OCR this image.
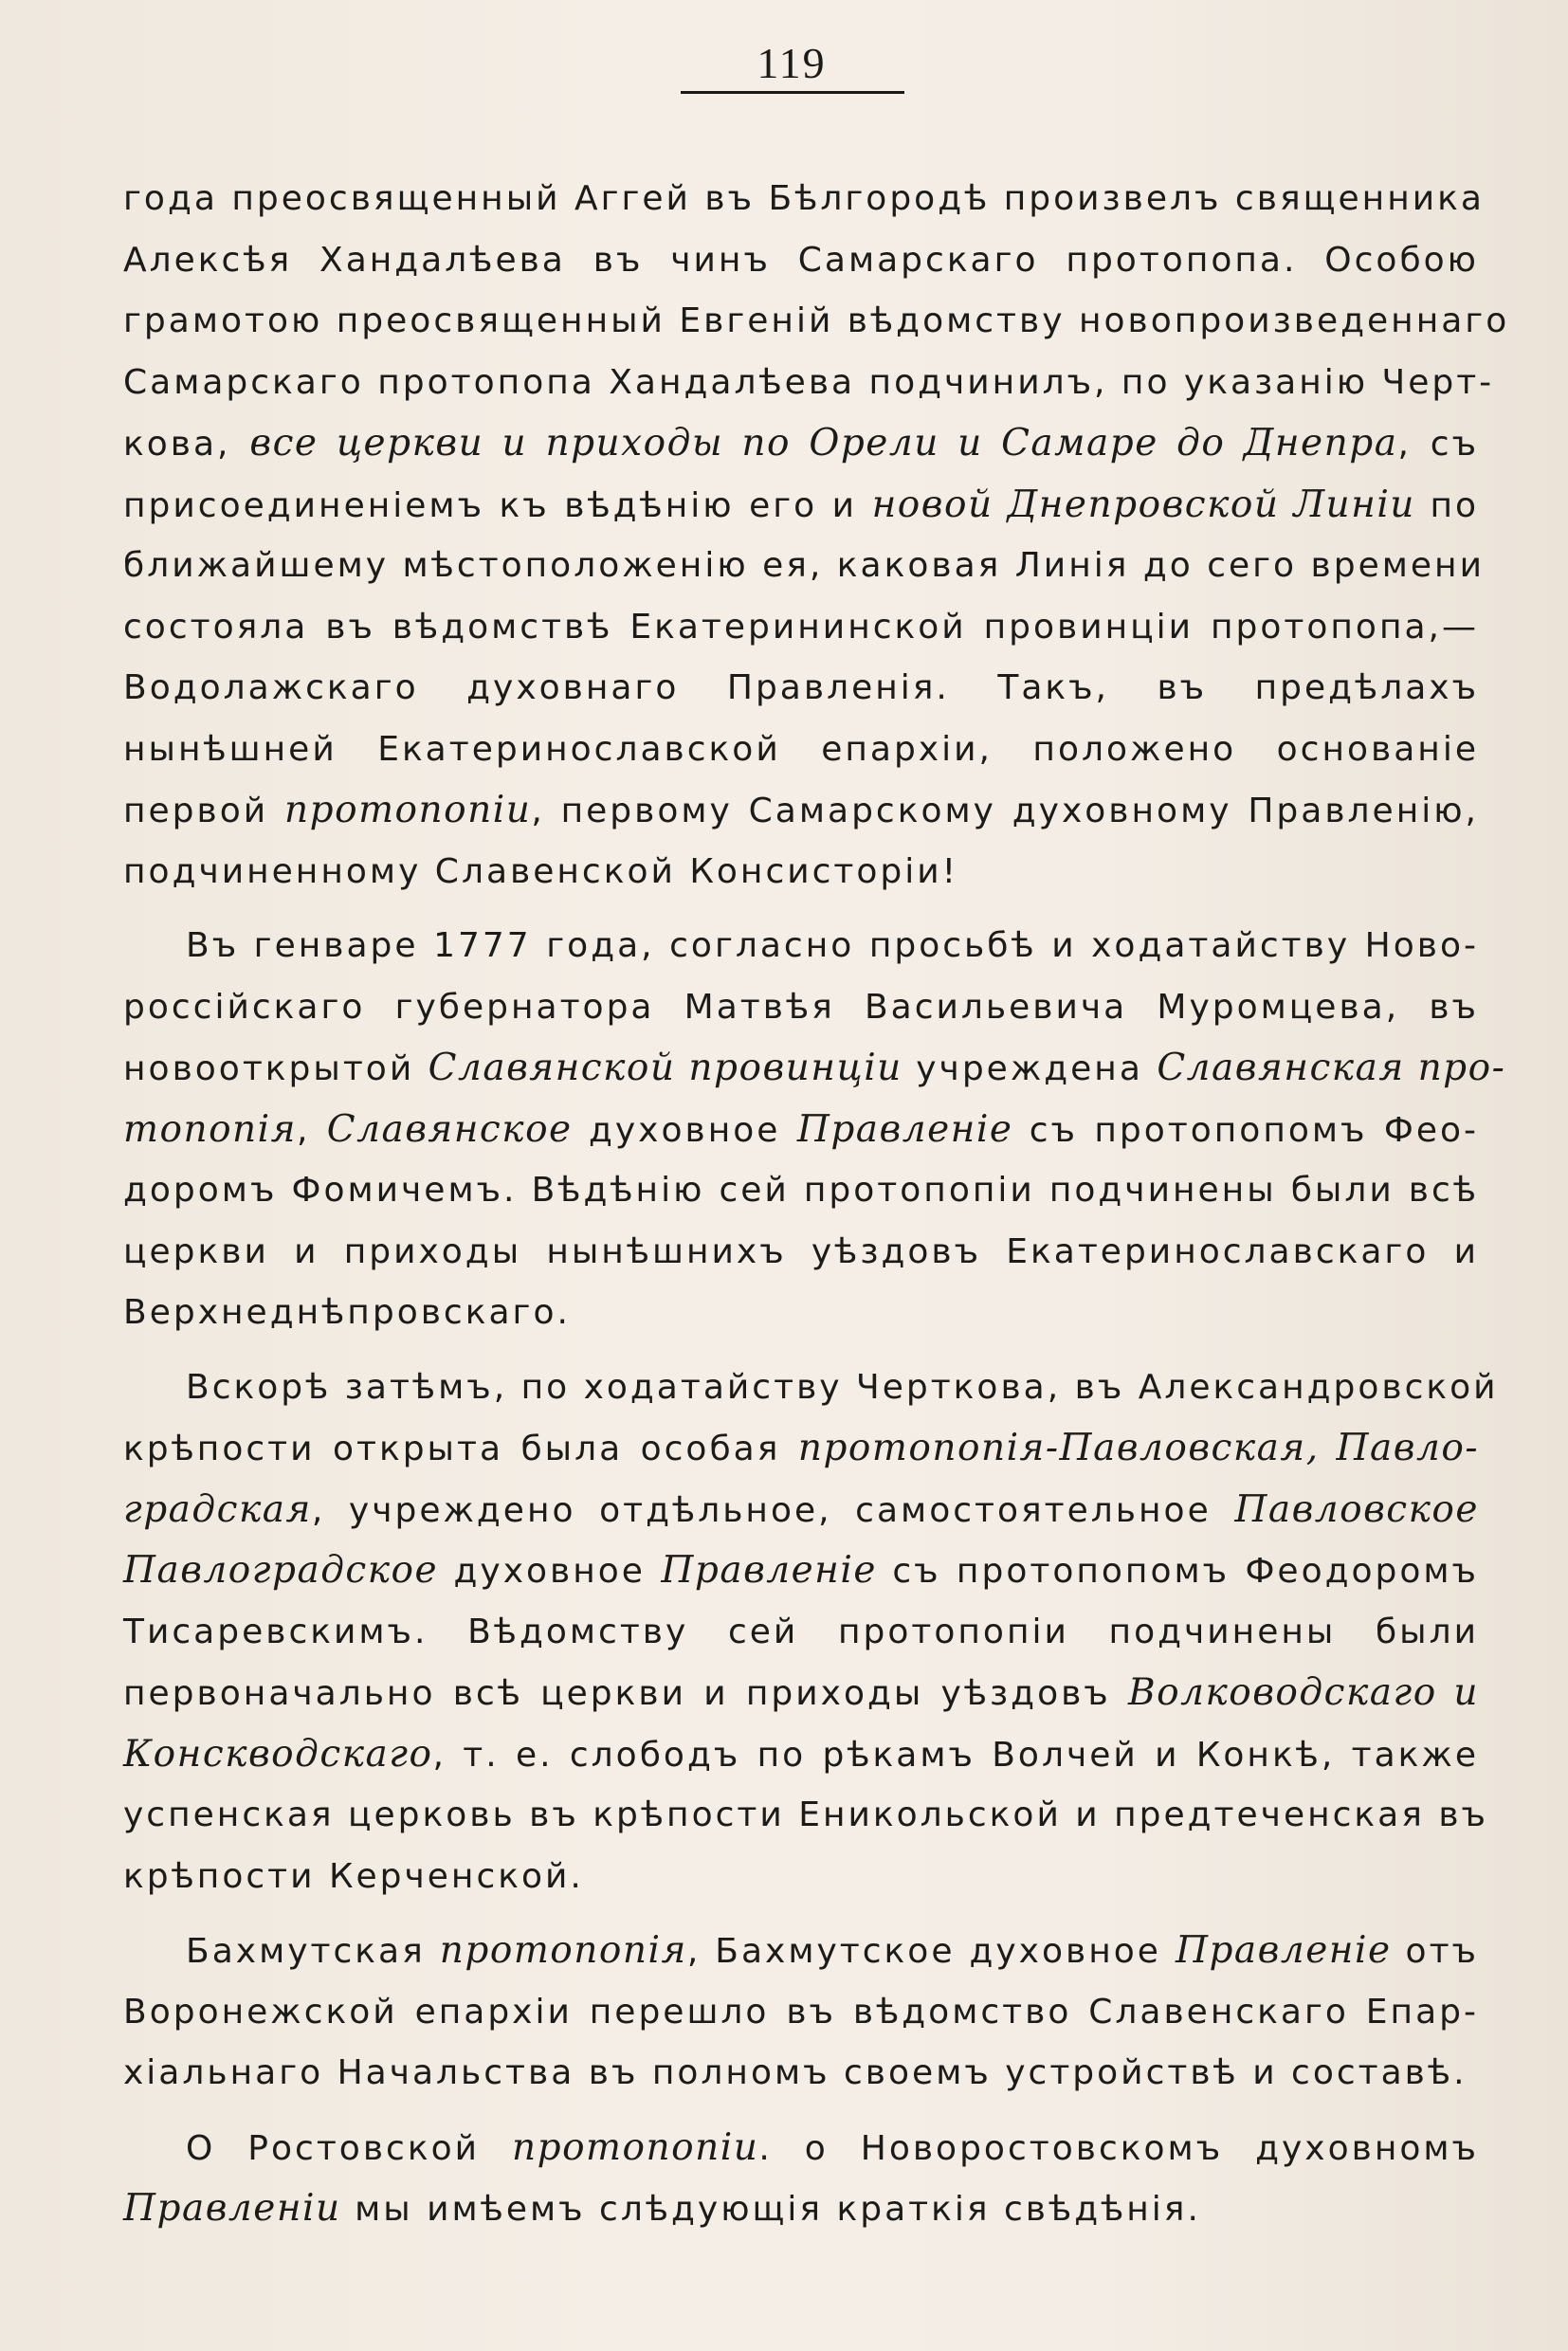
119
года преосвященный Аггей въ Бѣлгородѣ произвелъ священника
Алексѣя Хандалѣева въ чинъ Самарскаго протопопа. Особою
грамотою преосвященный Евгеній вѣдомству новопроизведеннаго
Самарскаго протопопа Хандалѣева подчинилъ, по указанію Черт-
кова, все церкви и приходы по Орели и Самаре до Днепра, съ
присоединеніемъ къ вѣдѣнію его и новой Днепровской Линіи по
ближайшему мѣстоположенію ея, каковая Линія до сего времени
состояла въ вѣдомствѣ Екатерининской провинціи протопопа,—
Водолажскаго духовнаго Правленія. Такъ, въ предѣлахъ
нынѣшней Екатеринославской епархіи, положено основаніе
первой протопопіи, первому Самарскому духовному Правленію,
подчиненному Славенской Консисторіи!
Въ генваре 1777 года, согласно просьбѣ и ходатайству Ново-
россійскаго губернатора Матвѣя Васильевича Муромцева, въ
новооткрытой Славянской провинціи учреждена Славянская про-
топопія, Славянское духовное Правленіе съ протопопомъ Фео-
доромъ Фомичемъ. Вѣдѣнію сей протопопіи подчинены были всѣ
церкви и приходы нынѣшнихъ уѣздовъ Екатеринославскаго и
Верхнеднѣпровскаго.
Вскорѣ затѣмъ, по ходатайству Черткова, въ Александровской
крѣпости открыта была особая протопопія-Павловская, Павло-
градская, учреждено отдѣльное, самостоятельное Павловское
Павлоградское духовное Правленіе съ протопопомъ Феодоромъ
Тисаревскимъ. Вѣдомству сей протопопіи подчинены были
первоначально всѣ церкви и приходы уѣздовъ Волководскаго и
Конскводскаго, т. е. слободъ по рѣкамъ Волчей и Конкѣ, также
успенская церковь въ крѣпости Еникольской и предтеченская въ
крѣпости Керченской.
Бахмутская протопопія, Бахмутское духовное Правленіе отъ
Воронежской епархіи перешло въ вѣдомство Славенскаго Епар-
хіальнаго Начальства въ полномъ своемъ устройствѣ и составѣ.
О Ростовской протопопіи. о Новоростовскомъ духовномъ
Правленіи мы имѣемъ слѣдующія краткія свѣдѣнія.
